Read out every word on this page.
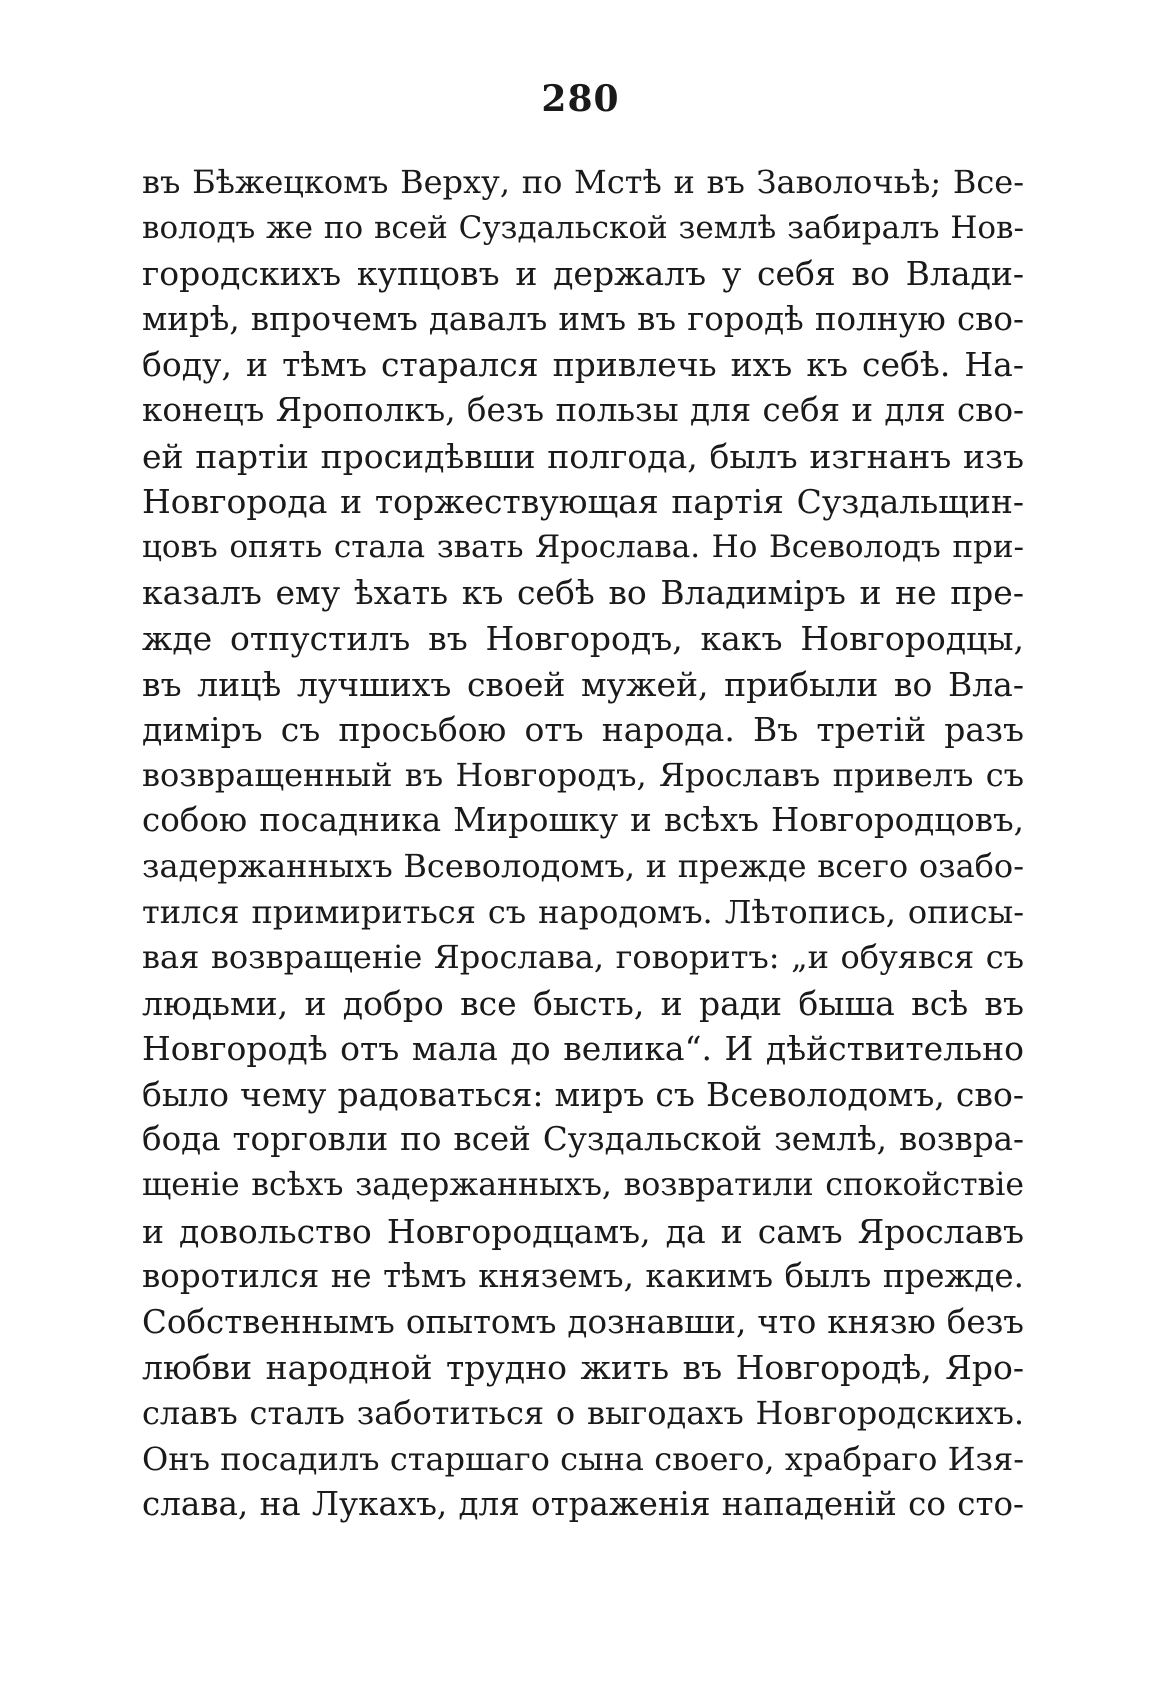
280
въ Бѣжецкомъ Верху, по Мстѣ и въ Заволочьѣ; Все-
володъ же по всей Суздальской землѣ забиралъ Нов-
городскихъ купцовъ и держалъ у себя во Влади-
мирѣ, впрочемъ давалъ имъ въ городѣ полную сво-
боду, и тѣмъ старался привлечь ихъ къ себѣ. На-
конецъ Ярополкъ, безъ пользы для себя и для сво-
ей партіи просидѣвши полгода, былъ изгнанъ изъ
Новгорода и торжествующая партія Суздальщин-
цовъ опять стала звать Ярослава. Но Всеволодъ при-
казалъ ему ѣхать къ себѣ во Владиміръ и не пре-
жде отпустилъ въ Новгородъ, какъ Новгородцы,
въ лицѣ лучшихъ своей мужей, прибыли во Вла-
диміръ съ просьбою отъ народа. Въ третій разъ
возвращенный въ Новгородъ, Ярославъ привелъ съ
собою посадника Мирошку и всѣхъ Новгородцовъ,
задержанныхъ Всеволодомъ, и прежде всего озабо-
тился примириться съ народомъ. Лѣтопись, описы-
вая возвращеніе Ярослава, говоритъ: „и обуявся съ
людьми, и добро все бысть, и ради быша всѣ въ
Новгородѣ отъ мала до велика“. И дѣйствительно
было чему радоваться: миръ съ Всеволодомъ, сво-
бода торговли по всей Суздальской землѣ, возвра-
щеніе всѣхъ задержанныхъ, возвратили спокойствіе
и довольство Новгородцамъ, да и самъ Ярославъ
воротился не тѣмъ княземъ, какимъ былъ прежде.
Собственнымъ опытомъ дознавши, что князю безъ
любви народной трудно жить въ Новгородѣ, Яро-
славъ сталъ заботиться о выгодахъ Новгородскихъ.
Онъ посадилъ старшаго сына своего, храбраго Изя-
слава, на Лукахъ, для отраженія нападеній со сто-
